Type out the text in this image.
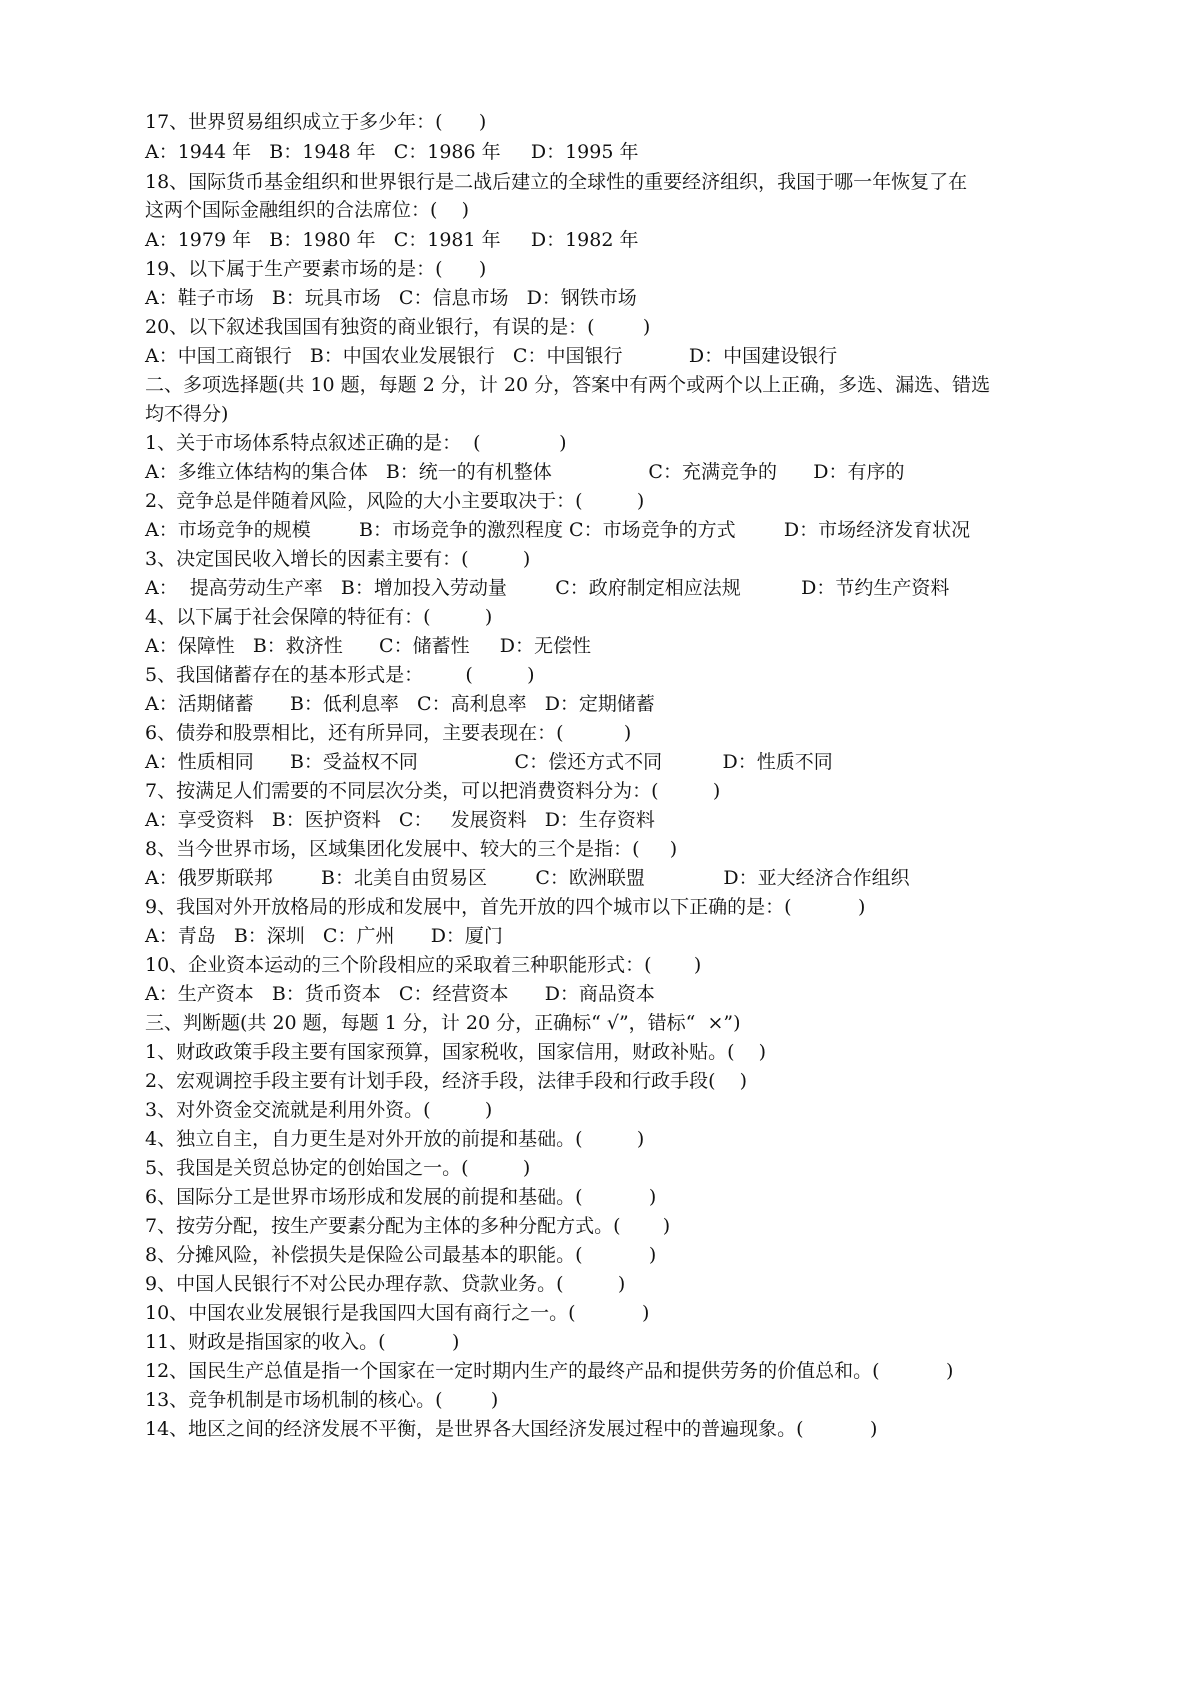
17、世界贸易组织成立于多少年：(      )
A：1944 年   B：1948 年   C：1986 年     D：1995 年
18、国际货币基金组织和世界银行是二战后建立的全球性的重要经济组织，我国于哪一年恢复了在
这两个国际金融组织的合法席位：(    )
A：1979 年   B：1980 年   C：1981 年     D：1982 年
19、以下属于生产要素市场的是：(      )
A：鞋子市场   B：玩具市场   C：信息市场   D：钢铁市场
20、以下叙述我国国有独资的商业银行，有误的是：(        )
A：中国工商银行   B：中国农业发展银行   C：中国银行           D：中国建设银行
二、多项选择题(共 10 题，每题 2 分，计 20 分，答案中有两个或两个以上正确，多选、漏选、错选
均不得分)
1、关于市场体系特点叙述正确的是：  (             )
A：多维立体结构的集合体   B：统一的有机整体                C：充满竞争的      D：有序的
2、竞争总是伴随着风险，风险的大小主要取决于：(         )
A：市场竞争的规模        B：市场竞争的激烈程度 C：市场竞争的方式        D：市场经济发育状况
3、决定国民收入增长的因素主要有：(         )
A：  提高劳动生产率   B：增加投入劳动量        C：政府制定相应法规          D：节约生产资料
4、以下属于社会保障的特征有：(         )
A：保障性   B：救济性      C：储蓄性     D：无偿性
5、我国储蓄存在的基本形式是：       (         )
A：活期储蓄      B：低利息率   C：高利息率   D：定期储蓄
6、债券和股票相比，还有所异同，主要表现在：(          )
A：性质相同      B：受益权不同                C：偿还方式不同          D：性质不同
7、按满足人们需要的不同层次分类，可以把消费资料分为：(         )
A：享受资料   B：医护资料   C：   发展资料   D：生存资料
8、当今世界市场，区域集团化发展中、较大的三个是指：(     )
A：俄罗斯联邦        B：北美自由贸易区        C：欧洲联盟             D：亚大经济合作组织
9、我国对外开放格局的形成和发展中，首先开放的四个城市以下正确的是：(           )
A：青岛   B：深圳   C：广州      D：厦门
10、企业资本运动的三个阶段相应的采取着三种职能形式：(       )
A：生产资本   B：货币资本   C：经营资本      D：商品资本
三、判断题(共 20 题，每题 1 分，计 20 分，正确标“ √”，错标“  ×”)
1、财政政策手段主要有国家预算，国家税收，国家信用，财政补贴。(    )
2、宏观调控手段主要有计划手段，经济手段，法律手段和行政手段(    )
3、对外资金交流就是利用外资。(         )
4、独立自主，自力更生是对外开放的前提和基础。(         )
5、我国是关贸总协定的创始国之一。(         )
6、国际分工是世界市场形成和发展的前提和基础。(           )
7、按劳分配，按生产要素分配为主体的多种分配方式。(       )
8、分摊风险，补偿损失是保险公司最基本的职能。(           )
9、中国人民银行不对公民办理存款、贷款业务。(         )
10、中国农业发展银行是我国四大国有商行之一。(           )
11、财政是指国家的收入。(           )
12、国民生产总值是指一个国家在一定时期内生产的最终产品和提供劳务的价值总和。(           )
13、竞争机制是市场机制的核心。(        )
14、地区之间的经济发展不平衡，是世界各大国经济发展过程中的普遍现象。(           )
